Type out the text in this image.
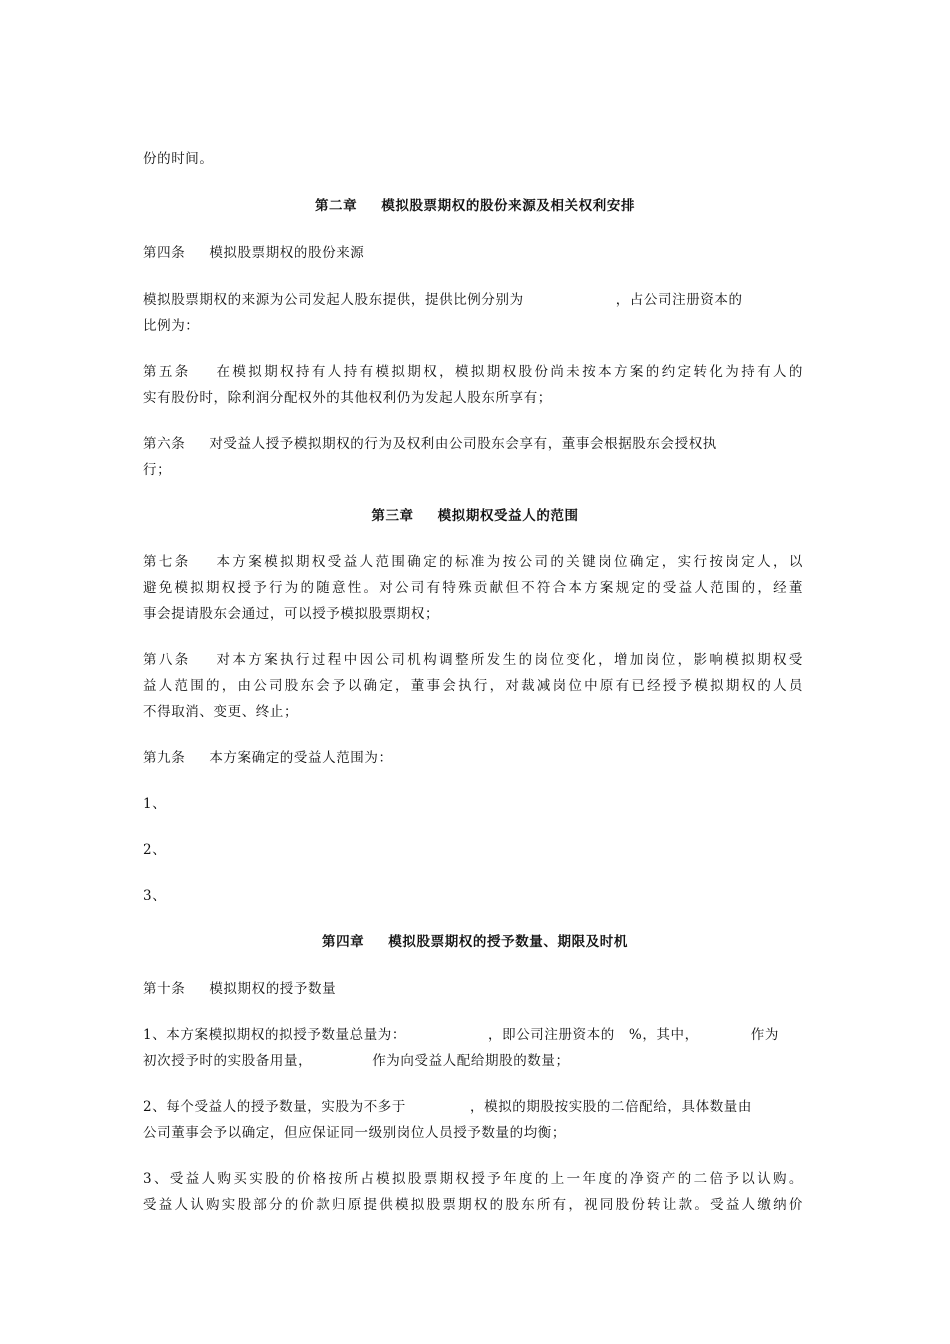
份的时间。
第二章 模拟股票期权的股份来源及相关权利安排
第四条 模拟股票期权的股份来源
模拟股票期权的来源为公司发起人股东提供，提供比例分别为	，占公司注册资本的
比例为：
第五条 在模拟期权持有人持有模拟期权，模拟期权股份尚未按本方案的约定转化为持有人的
实有股份时，除利润分配权外的其他权利仍为发起人股东所享有；
第六条 对受益人授予模拟期权的行为及权利由公司股东会享有，董事会根据股东会授权执
行；
第三章 模拟期权受益人的范围
第七条 本方案模拟期权受益人范围确定的标准为按公司的关键岗位确定，实行按岗定人，以
避免模拟期权授予行为的随意性。对公司有特殊贡献但不符合本方案规定的受益人范围的，经董
事会提请股东会通过，可以授予模拟股票期权；
第八条 对本方案执行过程中因公司机构调整所发生的岗位变化，增加岗位，影响模拟期权受
益人范围的，由公司股东会予以确定，董事会执行，对裁减岗位中原有已经授予模拟期权的人员
不得取消、变更、终止；
第九条 本方案确定的受益人范围为：
1、
2、
3、
第四章 模拟股票期权的授予数量、期限及时机
第十条 模拟期权的授予数量
1、本方案模拟期权的拟授予数量总量为：	，即公司注册资本的 %，其中，	作为
初次授予时的实股备用量，	作为向受益人配给期股的数量；
2、每个受益人的授予数量，实股为不多于	，模拟的期股按实股的二倍配给，具体数量由
公司董事会予以确定，但应保证同一级别岗位人员授予数量的均衡；
3、受益人购买实股的价格按所占模拟股票期权授予年度的上一年度的净资产的二倍予以认购。
受益人认购实股部分的价款归原提供模拟股票期权的股东所有，视同股份转让款。受益人缴纳价
